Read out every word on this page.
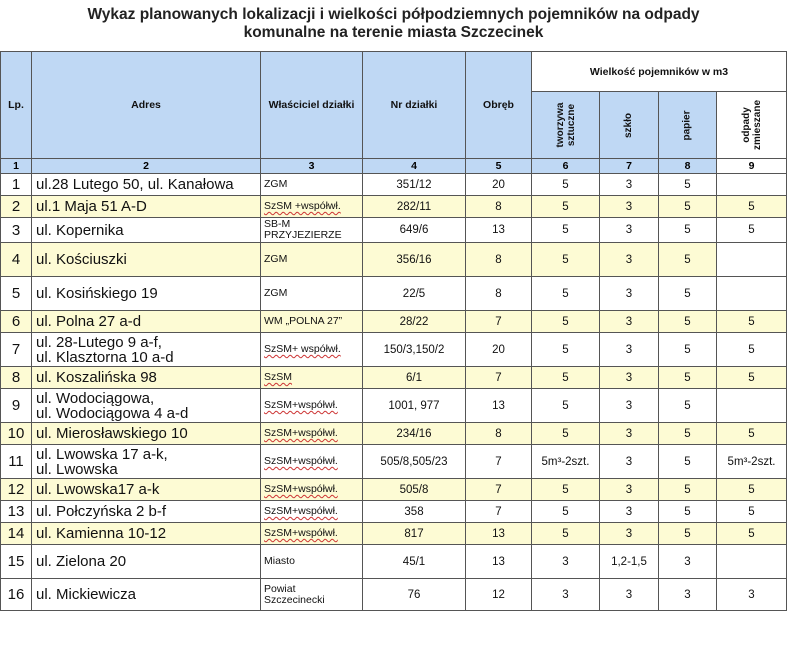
Wykaz planowanych lokalizacji i wielkości półpodziemnych pojemników na odpady
komunalne na terenie miasta Szczecinek
Lp.	Adres	Właściciel działki	Nr działki	Obręb	Wielkość pojemników w m3			
					tworzywa sztuczne	szkło	papier	odpady zmieszane
1	2	3	4	5	6	7	8	9
1	ul.28 Lutego 50, ul. Kanałowa	ZGM	351/12	20	5	3	5	
2	ul.1 Maja 51 A-D	SzSM +współwł.	282/11	8	5	3	5	5
3	ul. Kopernika	SB-M
PRZYJEZIERZE	649/6	13	5	3	5	5
4	ul. Kościuszki	ZGM	356/16	8	5	3	5	
5	ul. Kosińskiego 19	ZGM	22/5	8	5	3	5	
6	ul. Polna 27 a-d	WM „POLNA 27”	28/22	7	5	3	5	5
7	ul. 28-Lutego 9 a-f,
ul. Klasztorna 10 a-d	SzSM+ współwł.	150/3,150/2	20	5	3	5	5
8	ul. Koszalińska 98	SzSM	6/1	7	5	3	5	5
9	ul. Wodociągowa,
ul. Wodociągowa 4 a-d	SzSM+współwł.	1001, 977	13	5	3	5	
10	ul. Mierosławskiego 10	SzSM+współwł.	234/16	8	5	3	5	5
11	ul. Lwowska 17 a-k,
ul. Lwowska	SzSM+współwł.	505/8,505/23	7	5m³-2szt.	3	5	5m³-2szt.
12	ul. Lwowska17 a-k	SzSM+współwł.	505/8	7	5	3	5	5
13	ul. Połczyńska 2 b-f	SzSM+współwł.	358	7	5	3	5	5
14	ul. Kamienna 10-12	SzSM+współwł.	817	13	5	3	5	5
15	ul. Zielona 20	Miasto	45/1	13	3	1,2-1,5	3	
16	ul. Mickiewicza	Powiat
Szczecinecki	76	12	3	3	3	3
